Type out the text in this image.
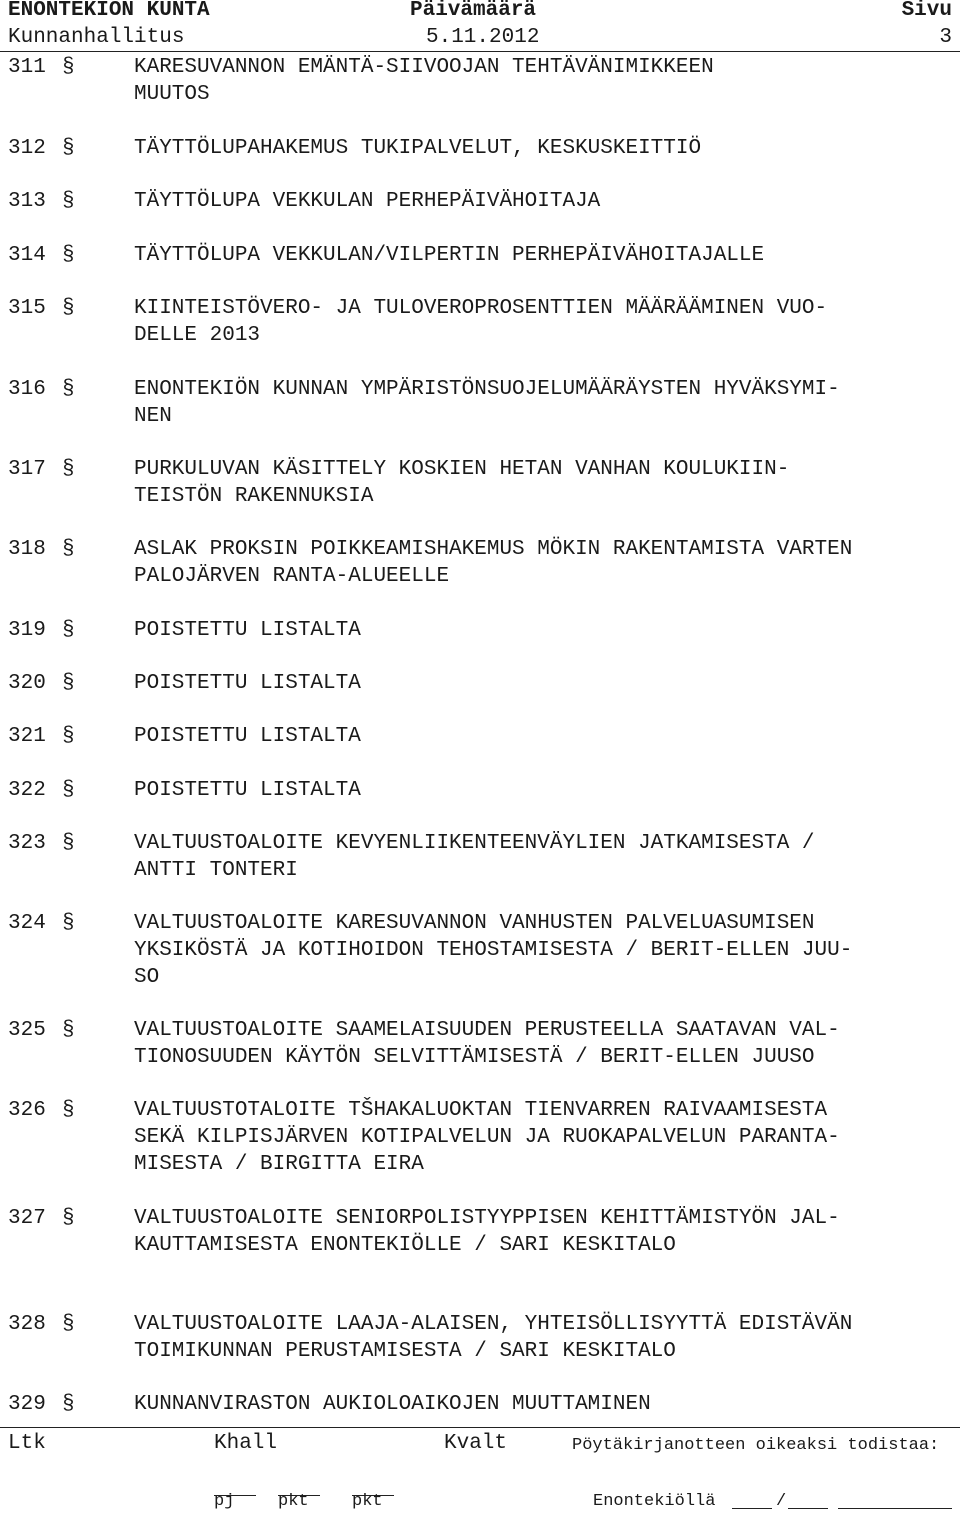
ENONTEKIÖN KUNTA	Päivämäärä	Sivu
Kunnanhallitus	5.11.2012	3
311 §	KARESUVANNON EMÄNTÄ-SIIVOOJAN TEHTÄVÄNIMIKKEEN
MUUTOS
312 §	TÄYTTÖLUPAHAKEMUS TUKIPALVELUT, KESKUSKEITTIÖ
313 §	TÄYTTÖLUPA VEKKULAN PERHEPÄIVÄHOITAJA
314 §	TÄYTTÖLUPA VEKKULAN/VILPERTIN PERHEPÄIVÄHOITAJALLE
315 §	KIINTEISTÖVERO- JA TULOVEROPROSENTTIEN MÄÄRÄÄMINEN VUO-
DELLE 2013
316 §	ENONTEKIÖN KUNNAN YMPÄRISTÖNSUOJELUMÄÄRÄYSTEN HYVÄKSYMI-
NEN
317 §	PURKULUVAN KÄSITTELY KOSKIEN HETAN VANHAN KOULUKIIN-
TEISTÖN RAKENNUKSIA
318 §	ASLAK PROKSIN POIKKEAMISHAKEMUS MÖKIN RAKENTAMISTA VARTEN
PALOJÄRVEN RANTA-ALUEELLE
319 §	POISTETTU LISTALTA
320 §	POISTETTU LISTALTA
321 §	POISTETTU LISTALTA
322 §	POISTETTU LISTALTA
323 §	VALTUUSTOALOITE KEVYENLIIKENTEENVÄYLIEN JATKAMISESTA /
ANTTI TONTERI
324 §	VALTUUSTOALOITE KARESUVANNON VANHUSTEN PALVELUASUMISEN
YKSIKÖSTÄ JA KOTIHOIDON TEHOSTAMISESTA / BERIT-ELLEN JUU-
SO
325 §	VALTUUSTOALOITE SAAMELAISUUDEN PERUSTEELLA SAATAVAN VAL-
TIONOSUUDEN KÄYTÖN SELVITTÄMISESTÄ / BERIT-ELLEN JUUSO
326 §	VALTUUSTOTALOITE TŠHAKALUOKTAN TIENVARREN RAIVAAMISESTA
SEKÄ KILPISJÄRVEN KOTIPALVELUN JA RUOKAPALVELUN PARANTA-
MISESTA / BIRGITTA EIRA
327 §	VALTUUSTOALOITE SENIORPOLISTYYPPISEN KEHITTÄMISTYÖN JAL-
KAUTTAMISESTA ENONTEKIÖLLE / SARI KESKITALO
328 §	VALTUUSTOALOITE LAAJA-ALAISEN, YHTEISÖLLISYYTTÄ EDISTÄVÄN
TOIMIKUNNAN PERUSTAMISESTA / SARI KESKITALO
329 §	KUNNANVIRASTON AUKIOLOAIKOJEN MUUTTAMINEN
Ltk	Khall	Kvalt	Pöytäkirjanotteen oikeaksi todistaa:
pj	pkt	pkt	Enontekiöllä	/
